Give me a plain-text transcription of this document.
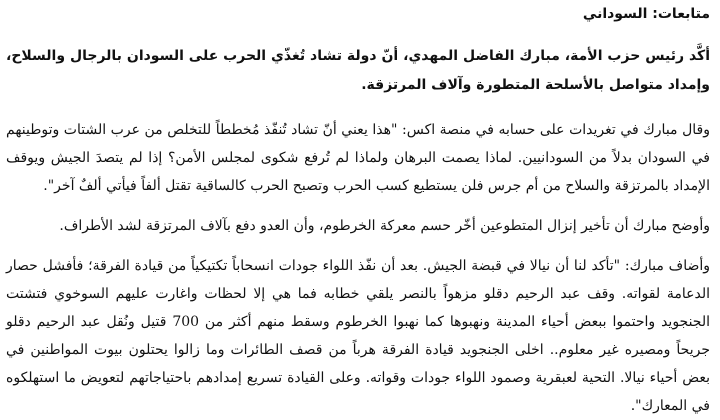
متابعات: السوداني

أكَّد رئيس حزب الأمة، مبارك الفاضل المهدي، أنّ دولة تشاد تُغذّي الحرب على السودان بالرجال والسلاح، وإمداد متواصل بالأسلحة المتطورة وآلاف المرتزقة.

وقال مبارك في تغريدات على حسابه في منصة اكس: "هذا يعني أنّ تشاد تُنفّذ مُخططاً للتخلص من عرب الشتات وتوطينهم في السودان بدلاً من السودانيين. لماذا يصمت البرهان ولماذا لم تُرفع شكوى لمجلس الأمن؟ إذا لم يتصدَ الجيش ويوقف الإمداد بالمرتزقة والسلاح من أم جرس فلن يستطيع كسب الحرب وتصبح الحرب كالساقية تقتل ألفاً فيأتي ألفٌ آخر".

وأوضح مبارك أن تأخير إنزال المتطوعين أخّر حسم معركة الخرطوم، وأن العدو دفع بآلاف المرتزقة لشد الأطراف.

وأضاف مبارك: "تأكد لنا أن نيالا في قبضة الجيش. بعد أن نفّذ اللواء جودات انسحاباً تكتيكياً من قيادة الفرقة؛ فأفشل حصار الدعامة لقواته. وقف عبد الرحيم دقلو مزهواً بالنصر يلقي خطابه فما هي إلا لحظات واغارت عليهم السوخوي فتشتت الجنجويد واحتموا ببعض أحياء المدينة ونهبوها كما نهبوا الخرطوم وسقط منهم أكثر من 700 قتيل ونُقل عبد الرحيم دقلو جريحاً ومصيره غير معلوم.. اخلى الجنجويد قيادة الفرقة هرباً من قصف الطائرات وما زالوا يحتلون بيوت المواطنين في بعض أحياء نيالا. التحية لعبقرية وصمود اللواء جودات وقواته. وعلى القيادة تسريع إمدادهم باحتياجاتهم لتعويض ما استهلكوه في المعارك".
